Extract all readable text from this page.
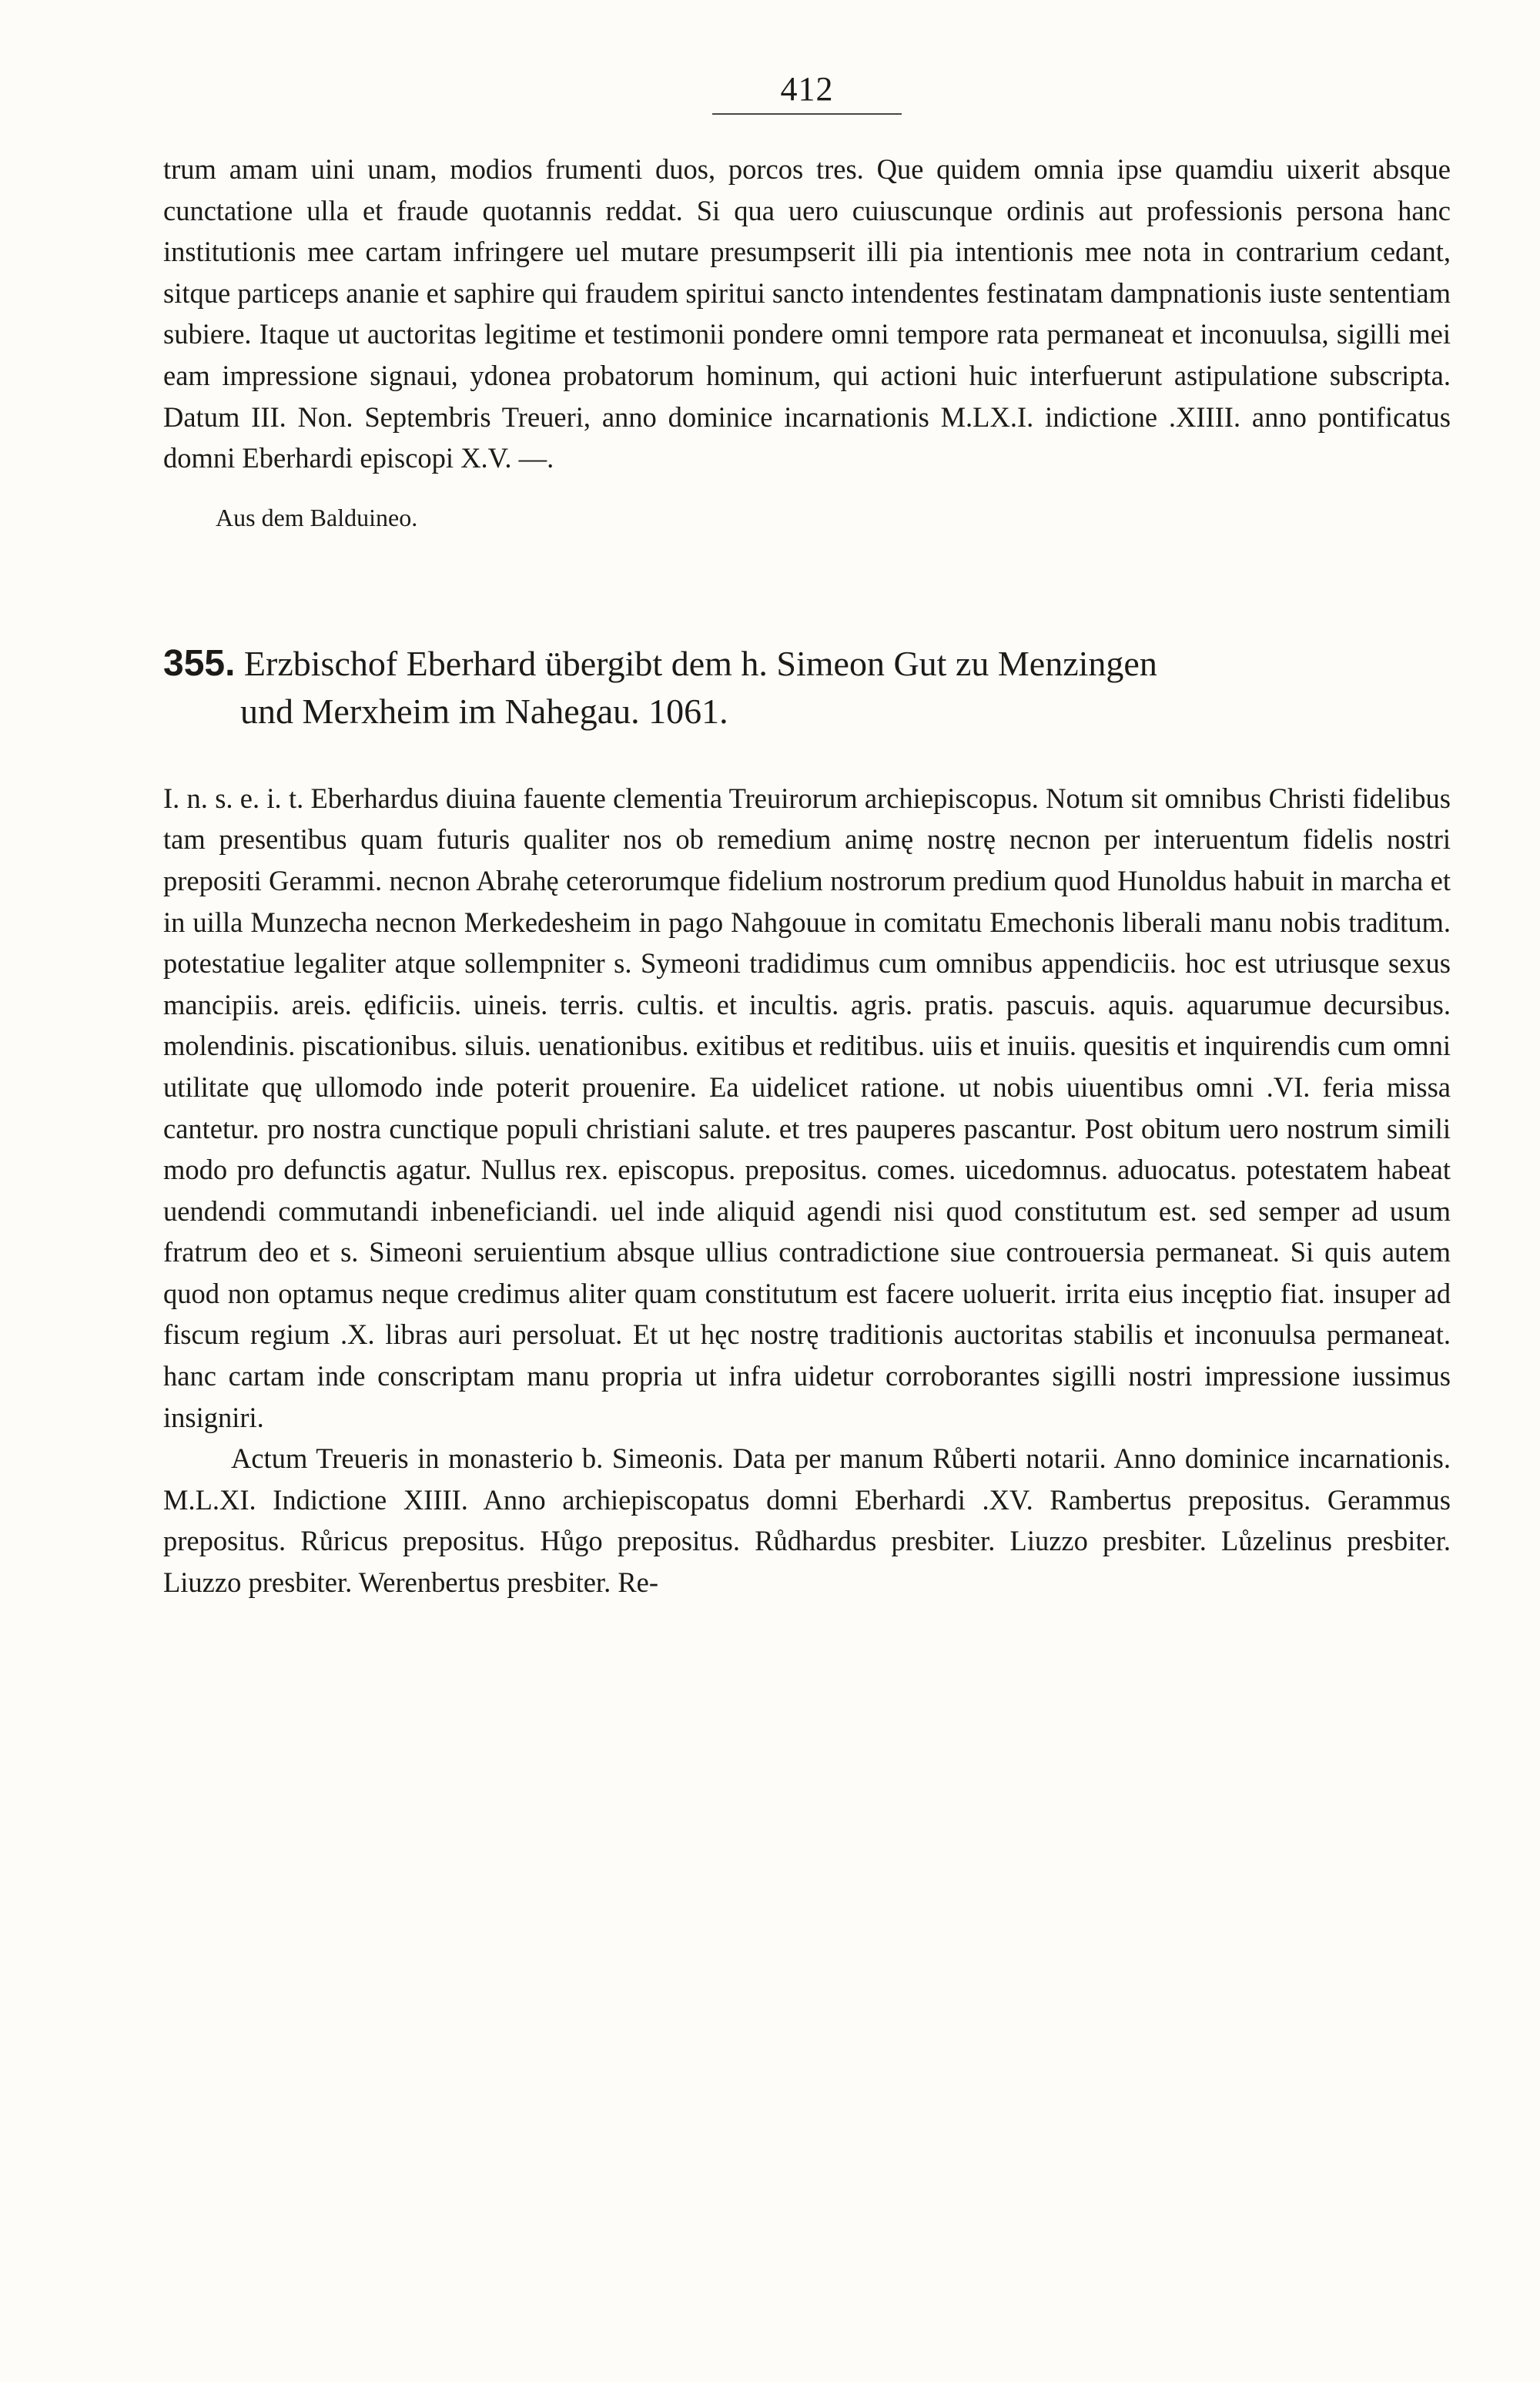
412

trum amam uini unam, modios frumenti duos, porcos tres. Que quidem omnia ipse quamdiu uixerit absque cunctatione ulla et fraude quotannis reddat. Si qua uero cuiuscunque ordinis aut professionis persona hanc institutionis mee cartam infringere uel mutare presumpserit illi pia intentionis mee nota in contrarium cedant, sitque particeps ananie et saphire qui fraudem spiritui sancto intendentes festinatam dampnationis iuste sententiam subiere. Itaque ut auctoritas legitime et testimonii pondere omni tempore rata permaneat et inconuulsa, sigilli mei eam impressione signaui, ydonea probatorum hominum, qui actioni huic interfuerunt astipulatione subscripta. Datum III. Non. Septembris Treueri, anno dominice incarnationis M.LX.I. indictione .XIIII. anno pontificatus domni Eberhardi episcopi X.V. —.

Aus dem Balduineo.
355. Erzbischof Eberhard übergibt dem h. Simeon Gut zu Menzingen
und Merxheim im Nahegau. 1061.

I. n. s. e. i. t. Eberhardus diuina fauente clementia Treuirorum archiepiscopus. Notum sit omnibus Christi fidelibus tam presentibus quam futuris qualiter nos ob remedium animę nostrę necnon per interuentum fidelis nostri prepositi Gerammi. necnon Abrahę ceterorumque fidelium nostrorum predium quod Hunoldus habuit in marcha et in uilla Munzecha necnon Merkedesheim in pago Nahgouue in comitatu Emechonis liberali manu nobis traditum. potestatiue legaliter atque sollempniter s. Symeoni tradidimus cum omnibus appendiciis. hoc est utriusque sexus mancipiis. areis. ędificiis. uineis. terris. cultis. et incultis. agris. pratis. pascuis. aquis. aquarumue decursibus. molendinis. piscationibus. siluis. uenationibus. exitibus et reditibus. uiis et inuiis. quesitis et inquirendis cum omni utilitate quę ullomodo inde poterit prouenire. Ea uidelicet ratione. ut nobis uiuentibus omni .VI. feria missa cantetur. pro nostra cunctique populi christiani salute. et tres pauperes pascantur. Post obitum uero nostrum simili modo pro defunctis agatur. Nullus rex. episcopus. prepositus. comes. uicedomnus. aduocatus. potestatem habeat uendendi commutandi inbeneficiandi. uel inde aliquid agendi nisi quod constitutum est. sed semper ad usum fratrum deo et s. Simeoni seruientium absque ullius contradictione siue controuersia permaneat. Si quis autem quod non optamus neque credimus aliter quam constitutum est facere uoluerit. irrita eius incęptio fiat. insuper ad fiscum regium .X. libras auri persoluat. Et ut hęc nostrę traditionis auctoritas stabilis et inconuulsa permaneat. hanc cartam inde conscriptam manu propria ut infra uidetur corroborantes sigilli nostri impressione iussimus insigniri.

Actum Treueris in monasterio b. Simeonis. Data per manum Růberti notarii. Anno dominice incarnationis. M.L.XI. Indictione XIIII. Anno archiepiscopatus domni Eberhardi .XV. Rambertus prepositus. Gerammus prepositus. Růricus prepositus. Hůgo prepositus. Růdhardus presbiter. Liuzzo presbiter. Lůzelinus presbiter. Liuzzo presbiter. Werenbertus presbiter. Re-
